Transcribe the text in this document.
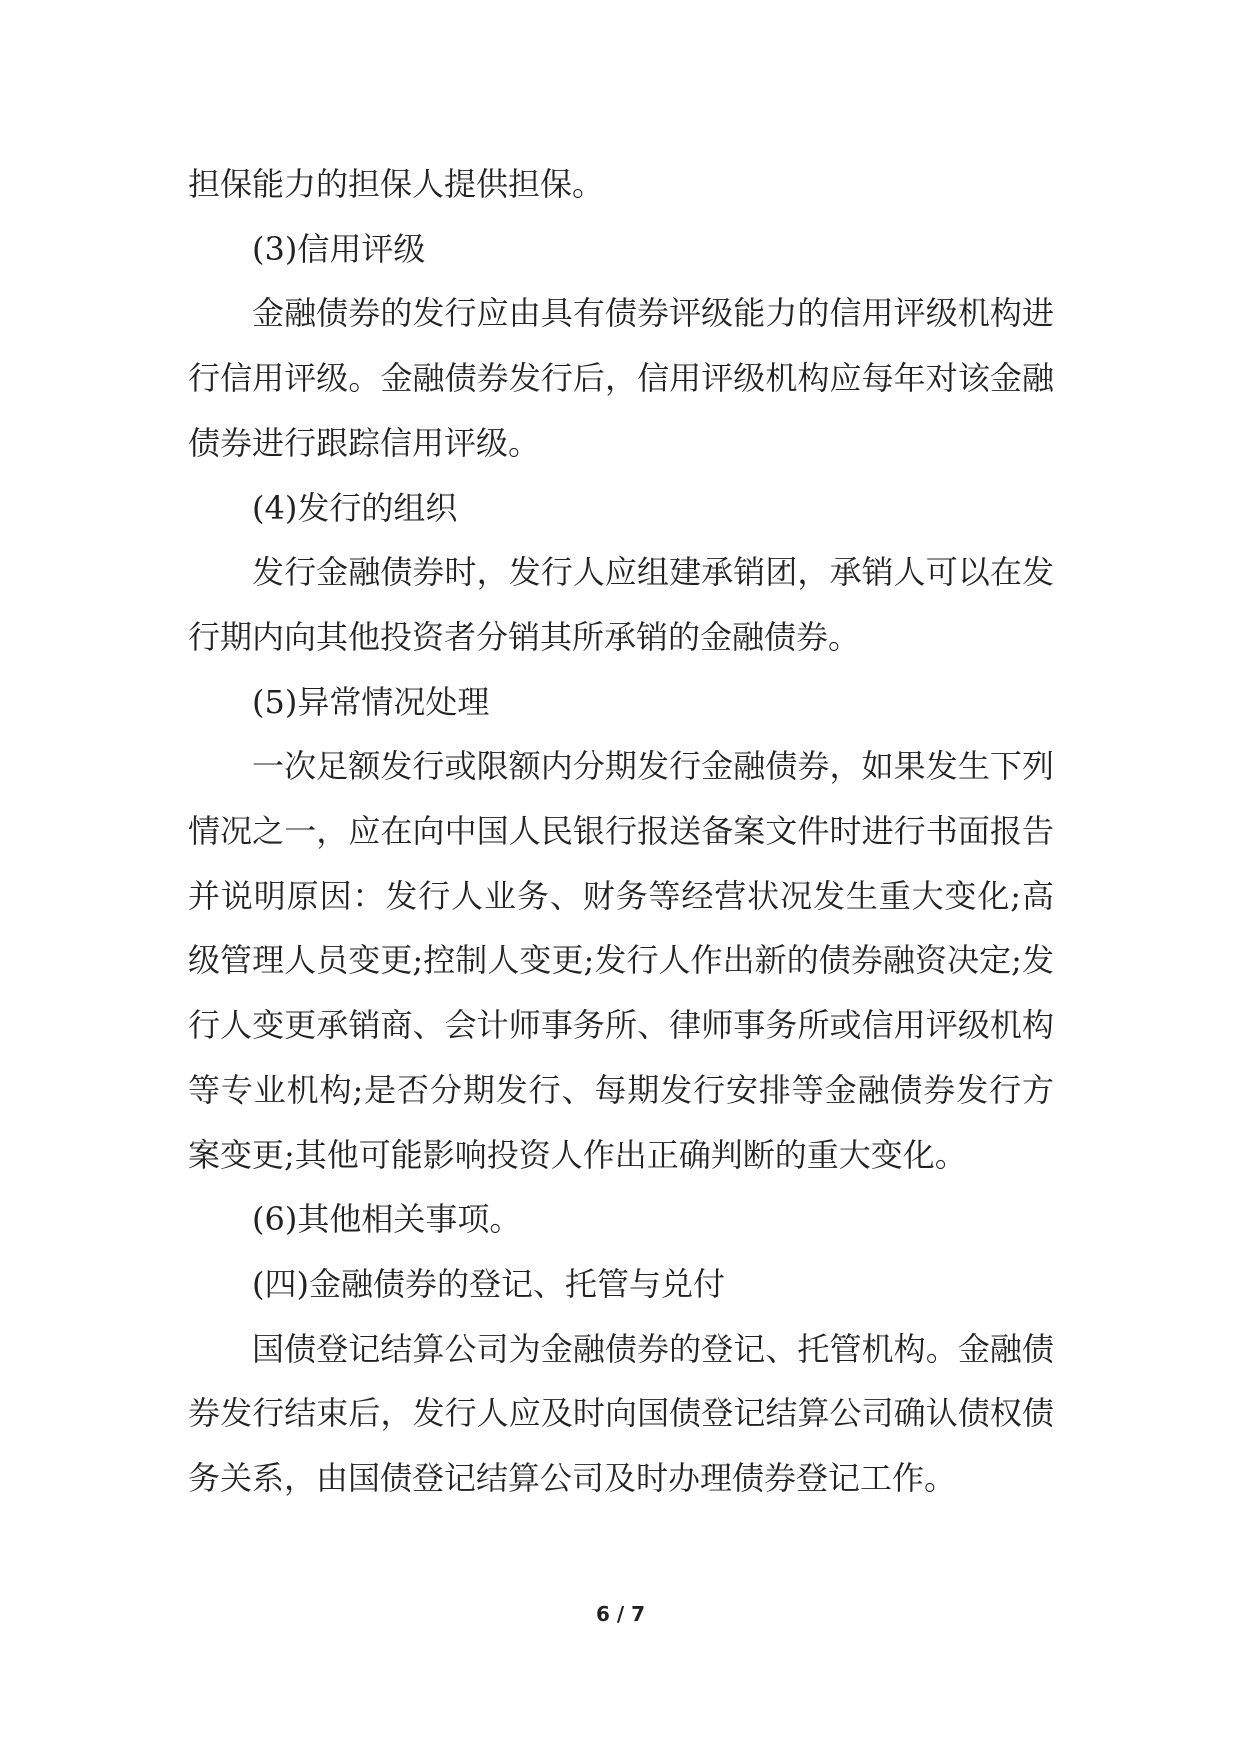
担保能力的担保人提供担保。

(3)信用评级

金融债券的发行应由具有债券评级能力的信用评级机构进行信用评级。金融债券发行后，信用评级机构应每年对该金融债券进行跟踪信用评级。

(4)发行的组织

发行金融债券时，发行人应组建承销团，承销人可以在发行期内向其他投资者分销其所承销的金融债券。

(5)异常情况处理

一次足额发行或限额内分期发行金融债券，如果发生下列情况之一，应在向中国人民银行报送备案文件时进行书面报告并说明原因：发行人业务、财务等经营状况发生重大变化;高级管理人员变更;控制人变更;发行人作出新的债券融资决定;发行人变更承销商、会计师事务所、律师事务所或信用评级机构等专业机构;是否分期发行、每期发行安排等金融债券发行方案变更;其他可能影响投资人作出正确判断的重大变化。

(6)其他相关事项。

(四)金融债券的登记、托管与兑付

国债登记结算公司为金融债券的登记、托管机构。金融债券发行结束后，发行人应及时向国债登记结算公司确认债权债务关系，由国债登记结算公司及时办理债券登记工作。

6 / 7
